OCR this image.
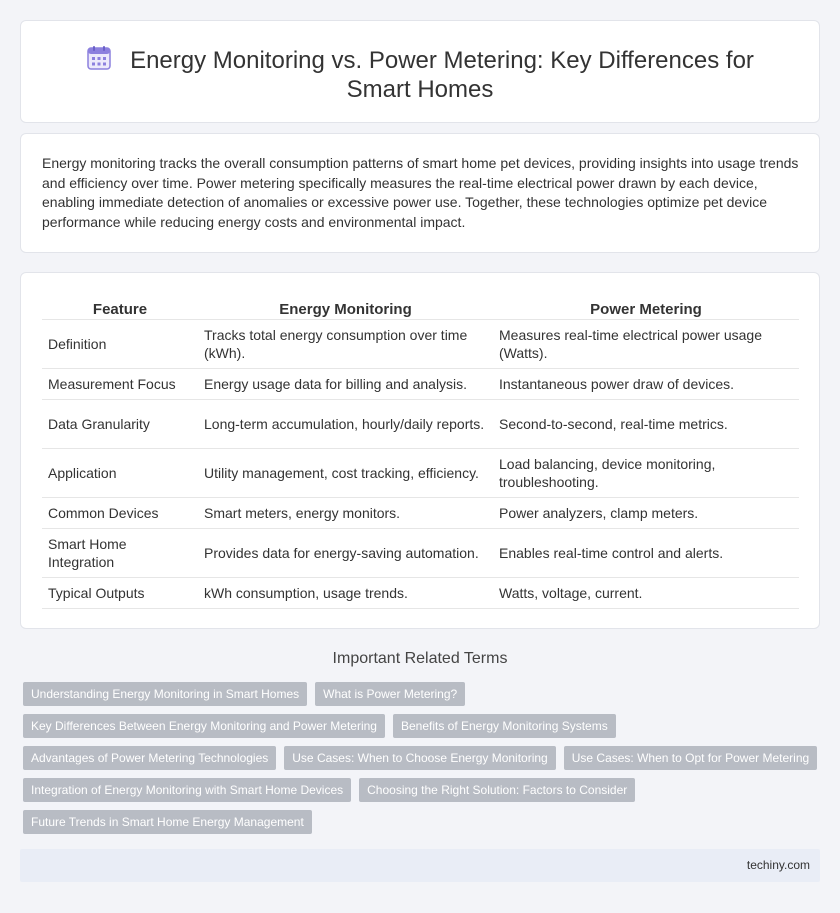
Energy Monitoring vs. Power Metering: Key Differences for Smart Homes

Energy monitoring tracks the overall consumption patterns of smart home pet devices, providing insights into usage trends and efficiency over time. Power metering specifically measures the real-time electrical power drawn by each device, enabling immediate detection of anomalies or excessive power use. Together, these technologies optimize pet device performance while reducing energy costs and environmental impact.

Feature	Energy Monitoring	Power Metering
Definition	Tracks total energy consumption over time (kWh).	Measures real-time electrical power usage (Watts).
Measurement Focus	Energy usage data for billing and analysis.	Instantaneous power draw of devices.
Data Granularity	Long-term accumulation, hourly/daily reports.	Second-to-second, real-time metrics.
Application	Utility management, cost tracking, efficiency.	Load balancing, device monitoring, troubleshooting.
Common Devices	Smart meters, energy monitors.	Power analyzers, clamp meters.
Smart Home Integration	Provides data for energy-saving automation.	Enables real-time control and alerts.
Typical Outputs	kWh consumption, usage trends.	Watts, voltage, current.
Important Related Terms
Understanding Energy Monitoring in Smart Homes	What is Power Metering?
Key Differences Between Energy Monitoring and Power Metering	Benefits of Energy Monitoring Systems
Advantages of Power Metering Technologies	Use Cases: When to Choose Energy Monitoring	Use Cases: When to Opt for Power Metering
Integration of Energy Monitoring with Smart Home Devices	Choosing the Right Solution: Factors to Consider
Future Trends in Smart Home Energy Management
techiny.com
